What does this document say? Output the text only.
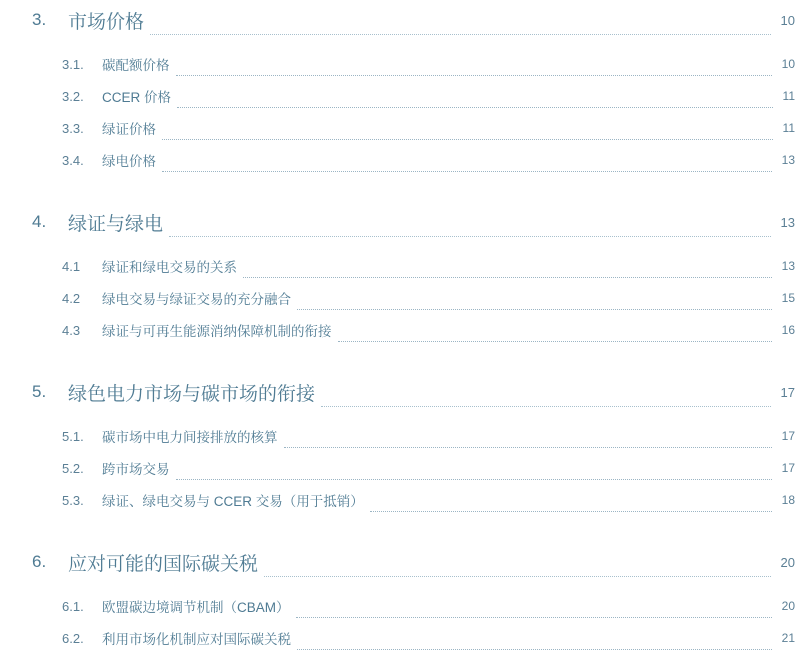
3.	市场价格	10
3.1.	碳配额价格	10
3.2.	CCER 价格	11
3.3.	绿证价格	11
3.4.	绿电价格	13
4.	绿证与绿电	13
4.1	绿证和绿电交易的关系	13
4.2	绿电交易与绿证交易的充分融合	15
4.3	绿证与可再生能源消纳保障机制的衔接	16
5.	绿色电力市场与碳市场的衔接	17
5.1.	碳市场中电力间接排放的核算	17
5.2.	跨市场交易	17
5.3.	绿证、绿电交易与 CCER 交易（用于抵销）	18
6.	应对可能的国际碳关税	20
6.1.	欧盟碳边境调节机制（CBAM）	20
6.2.	利用市场化机制应对国际碳关税	21
